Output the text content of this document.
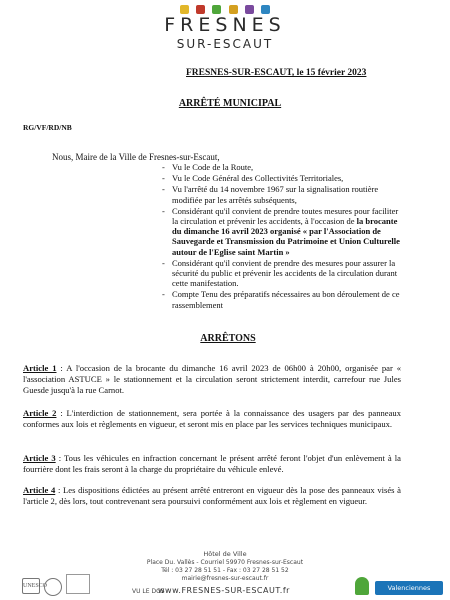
FRESNES
SUR-ESCAUT
FRESNES-SUR-ESCAUT, le 15 février 2023
ARRÊTÉ MUNICIPAL
RG/VF/RD/NB
Nous, Maire de la Ville de Fresnes-sur-Escaut,
- Vu le Code de la Route,
- Vu le Code Général des Collectivités Territoriales,
- Vu l'arrêté du 14 novembre 1967 sur la signalisation routière modifiée par les arrêtés subséquents,
- Considérant qu'il convient de prendre toutes mesures pour faciliter la circulation et prévenir les accidents, à l'occasion de la brocante du dimanche 16 avril 2023 organisé « par l'Association de Sauvegarde et Transmission du Patrimoine et Union Culturelle autour de l'Eglise saint Martin »
- Considérant qu'il convient de prendre des mesures pour assurer la sécurité du public et prévenir les accidents de la circulation durant cette manifestation.
- Compte Tenu des préparatifs nécessaires au bon déroulement de ce rassemblement
ARRÊTONS

Article 1 : A l'occasion de la brocante du dimanche 16 avril 2023 de 06h00 à 20h00, organisée par « l'association ASTUCE » le stationnement et la circulation seront strictement interdit, carrefour rue Jules Guesde jusqu'à la rue Carnot.

Article 2 : L'interdiction de stationnement, sera portée à la connaissance des usagers par des panneaux conformes aux lois et règlements en vigueur, et seront mis en place par les services techniques municipaux.

Article 3 : Tous les véhicules en infraction concernant le présent arrêté feront l'objet d'un enlèvement à la fourrière dont les frais seront à la charge du propriétaire du véhicule enlevé.

Article 4 : Les dispositions édictées au présent arrêté entreront en vigueur dès la pose des panneaux visés à l'article 2, dès lors, tout contrevenant sera poursuivi conformément aux lois et règlement en vigueur.

Hôtel de Ville
Place Du. Vallès - Courriel 59970 Fresnes-sur-Escaut
Tél : 03 27 28 51 51 - Fax : 03 27 28 51 52
mairie@fresnes-sur-escaut.fr
VU LE DGS
www.FRESNES-SUR-ESCAUT.fr
UNESCO	Valenciennes
